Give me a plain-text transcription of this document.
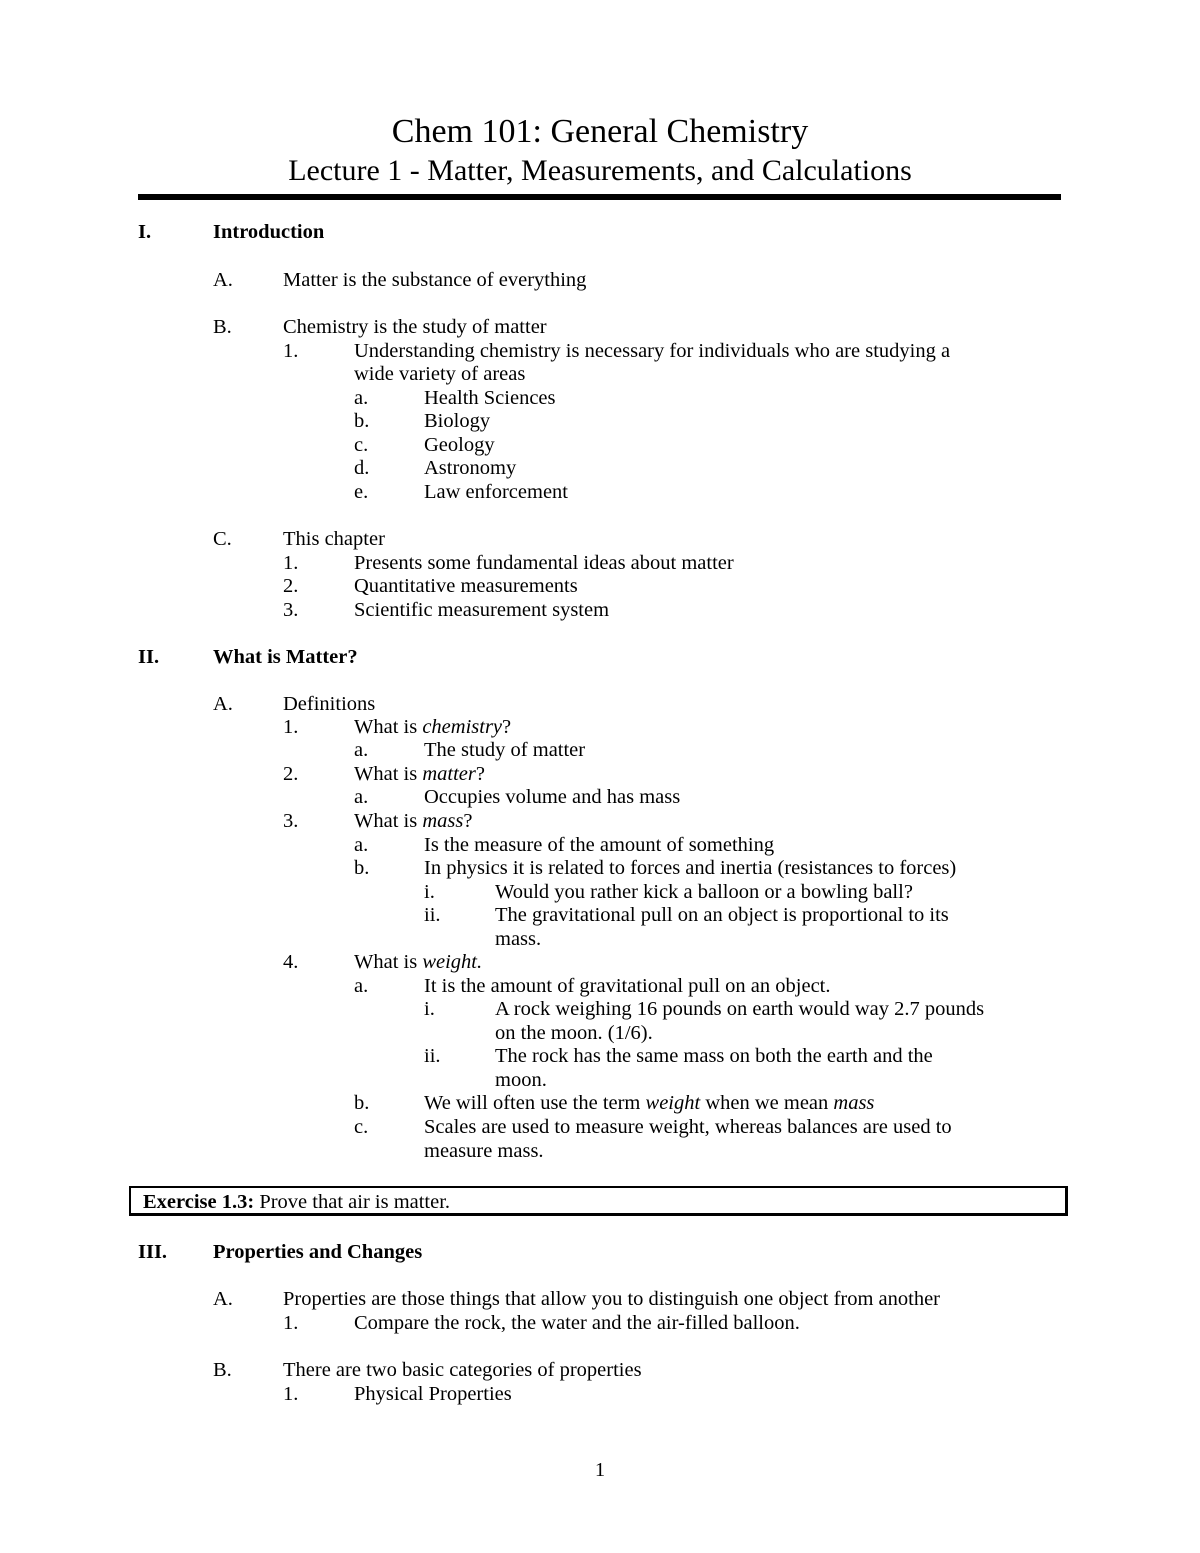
Chem 101: General Chemistry
Lecture 1 - Matter, Measurements, and Calculations
I.	Introduction
A. Matter is the substance of everything
B. Chemistry is the study of matter
1.	Understanding chemistry is necessary for individuals who are studying a
wide variety of areas
a.	Health Sciences
b.	Biology
c.	Geology
d.	Astronomy
e.	Law enforcement
C. This chapter
1.	Presents some fundamental ideas about matter
2.	Quantitative measurements
3.	Scientific measurement system
II.	What is Matter?
A. Definitions
1.	What is chemistry?
a.	The study of matter
2.	What is matter?
a.	Occupies volume and has mass
3.	What is mass?
a.	Is the measure of the amount of something
b.	In physics it is related to forces and inertia (resistances to forces)
i.	Would you rather kick a balloon or a bowling ball?
ii.	The gravitational pull on an object is proportional to its
mass.
4.	What is weight.
a.	It is the amount of gravitational pull on an object.
i.	A rock weighing 16 pounds on earth would way 2.7 pounds
on the moon. (1/6).
ii.	The rock has the same mass on both the earth and the
moon.
b.	We will often use the term weight when we mean mass
c.	Scales are used to measure weight, whereas balances are used to
measure mass.
III. Properties and Changes
A. Properties are those things that allow you to distinguish one object from another
1.	Compare the rock, the water and the air-filled balloon.
B. There are two basic categories of properties
1.	Physical Properties
Exercise 1.3: Prove that air is matter.
1
